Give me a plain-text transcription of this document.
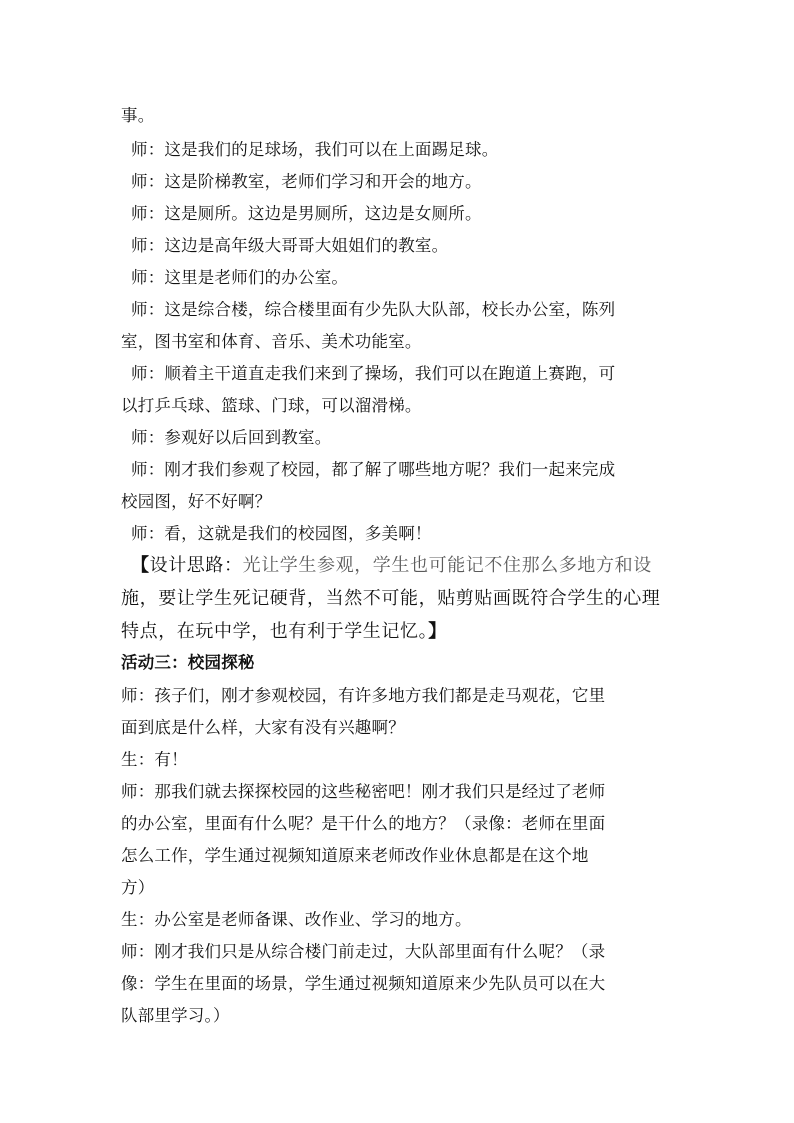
事。
师：这是我们的足球场，我们可以在上面踢足球。
师：这是阶梯教室，老师们学习和开会的地方。
师：这是厕所。这边是男厕所，这边是女厕所。
师：这边是高年级大哥哥大姐姐们的教室。
师：这里是老师们的办公室。
师：这是综合楼，综合楼里面有少先队大队部，校长办公室，陈列
室，图书室和体育、音乐、美术功能室。
师：顺着主干道直走我们来到了操场，我们可以在跑道上赛跑，可
以打乒乓球、篮球、门球，可以溜滑梯。
师：参观好以后回到教室。
师：刚才我们参观了校园，都了解了哪些地方呢？我们一起来完成
校园图，好不好啊？
师：看，这就是我们的校园图，多美啊！
【设计思路：光让学生参观，学生也可能记不住那么多地方和设
施，要让学生死记硬背，当然不可能，贴剪贴画既符合学生的心理
特点，在玩中学，也有利于学生记忆。】
活动三：校园探秘
师：孩子们，刚才参观校园，有许多地方我们都是走马观花，它里
面到底是什么样，大家有没有兴趣啊？
生：有！
师：那我们就去探探校园的这些秘密吧！刚才我们只是经过了老师
的办公室，里面有什么呢？是干什么的地方？（录像：老师在里面
怎么工作，学生通过视频知道原来老师改作业休息都是在这个地
方）
生：办公室是老师备课、改作业、学习的地方。
师：刚才我们只是从综合楼门前走过，大队部里面有什么呢？（录
像：学生在里面的场景，学生通过视频知道原来少先队员可以在大
队部里学习。）
